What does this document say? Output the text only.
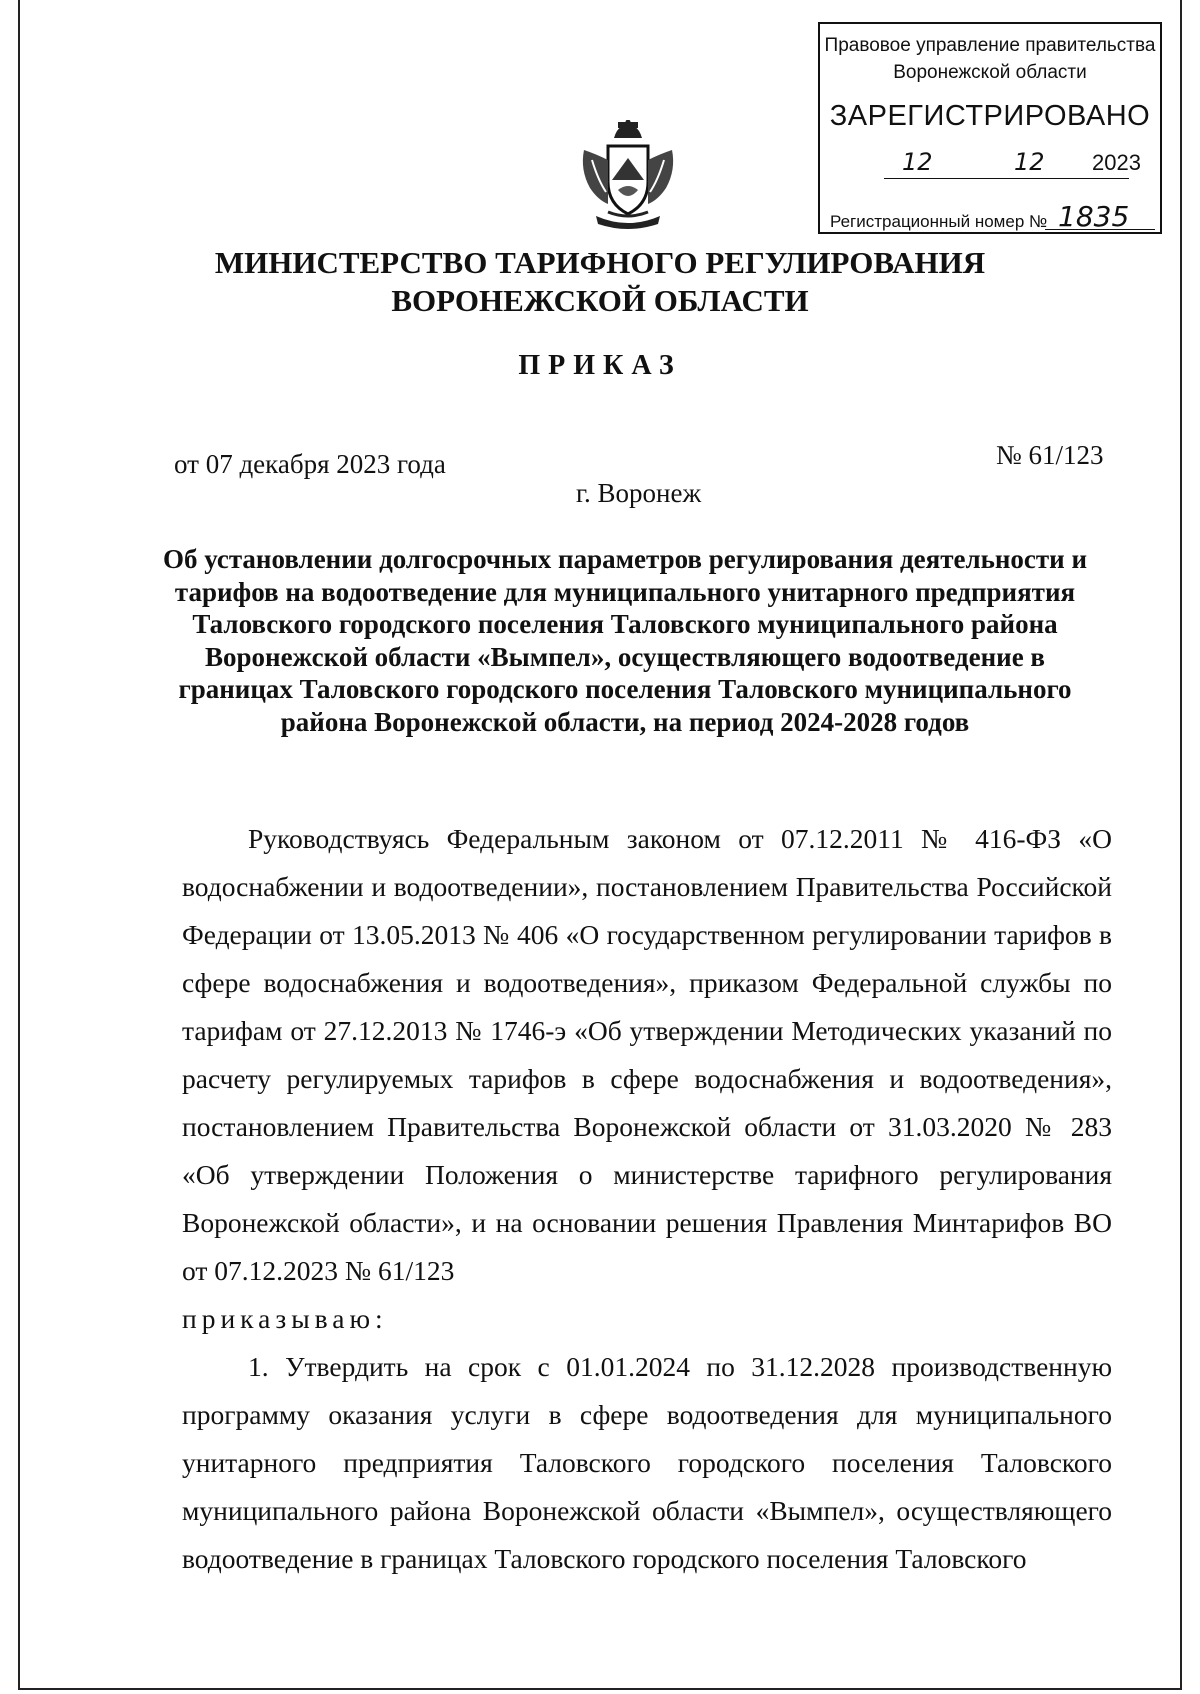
Правовое управление правительства
Воронежской области
ЗАРЕГИСТРИРОВАНО
12	12 2023
Регистрационный номер № 1835
МИНИСТЕРСТВО ТАРИФНОГО РЕГУЛИРОВАНИЯ
ВОРОНЕЖСКОЙ ОБЛАСТИ
ПРИКАЗ
от 07 декабря 2023 года	№ 61/123
г. Воронеж
Об установлении долгосрочных параметров регулирования деятельности и тарифов на водоотведение для муниципального унитарного предприятия Таловского городского поселения Таловского муниципального района Воронежской области «Вымпел», осуществляющего водоотведение в границах Таловского городского поселения Таловского муниципального района Воронежской области, на период 2024-2028 годов

Руководствуясь Федеральным законом от 07.12.2011 № 416-ФЗ «О водоснабжении и водоотведении», постановлением Правительства Российской Федерации от 13.05.2013 № 406 «О государственном регулировании тарифов в сфере водоснабжения и водоотведения», приказом Федеральной службы по тарифам от 27.12.2013 № 1746-э «Об утверждении Методических указаний по расчету регулируемых тарифов в сфере водоснабжения и водоотведения», постановлением Правительства Воронежской области от 31.03.2020 № 283 «Об утверждении Положения о министерстве тарифного регулирования Воронежской области», и на основании решения Правления Минтарифов ВО от 07.12.2023 № 61/123

приказываю:

1. Утвердить на срок с 01.01.2024 по 31.12.2028 производственную программу оказания услуги в сфере водоотведения для муниципального унитарного предприятия Таловского городского поселения Таловского муниципального района Воронежской области «Вымпел», осуществляющего водоотведение в границах Таловского городского поселения Таловского
